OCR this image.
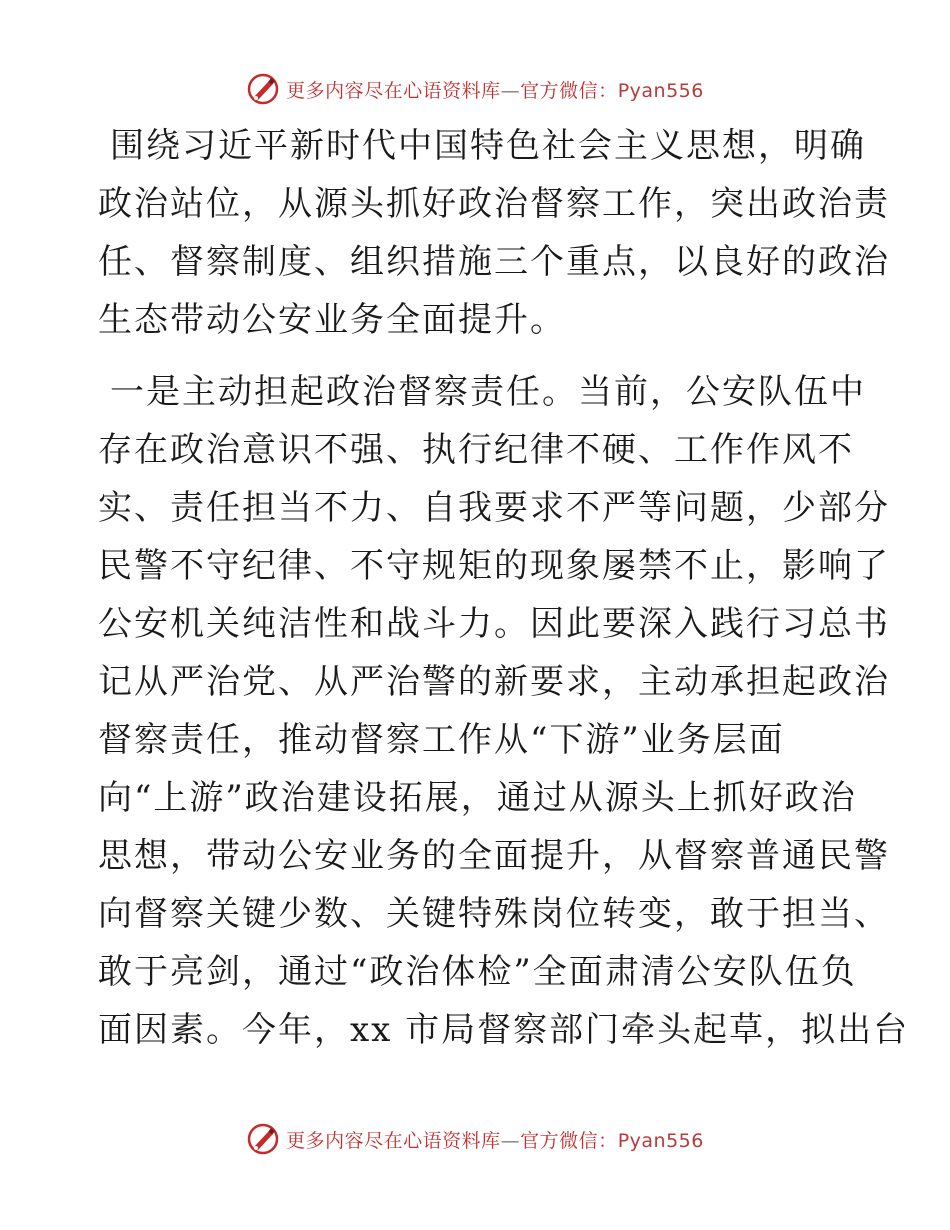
更多内容尽在心语资料库—官方微信：Pyan556

围绕习近平新时代中国特色社会主义思想，明确
政治站位，从源头抓好政治督察工作，突出政治责
任、督察制度、组织措施三个重点，以良好的政治
生态带动公安业务全面提升。

一是主动担起政治督察责任。当前，公安队伍中
存在政治意识不强、执行纪律不硬、工作作风不
实、责任担当不力、自我要求不严等问题，少部分
民警不守纪律、不守规矩的现象屡禁不止，影响了
公安机关纯洁性和战斗力。因此要深入践行习总书
记从严治党、从严治警的新要求，主动承担起政治
督察责任，推动督察工作从“下游”业务层面
向“上游”政治建设拓展，通过从源头上抓好政治
思想，带动公安业务的全面提升，从督察普通民警
向督察关键少数、关键特殊岗位转变，敢于担当、
敢于亮剑，通过“政治体检”全面肃清公安队伍负
面因素。今年，xx 市局督察部门牵头起草，拟出台

更多内容尽在心语资料库—官方微信：Pyan556
